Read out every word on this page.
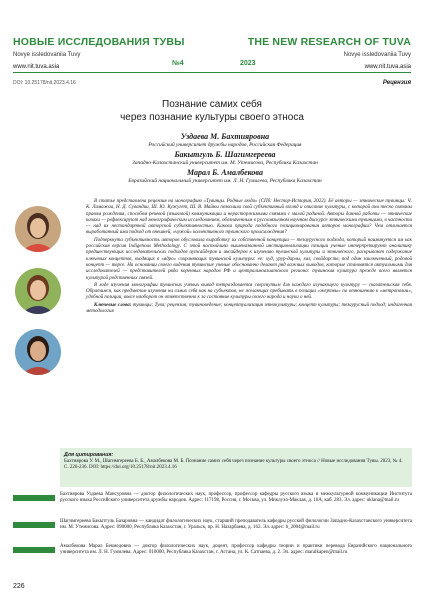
НОВЫЕ ИССЛЕДОВАНИЯ ТУВЫ	THE NEW RESEARCH OF TUVA
Novye issledovaniia Tuvy	Novye issledovaniia Tuvy
www.nit.tuva.asia	www.nit.tuva.asia
№4	2023
DOI: 10.25178/nit.2023.4.16	Рецензия
Познание самих себя
через познание культуры своего этноса
Уздаева М. Бахтияровна
Российский университет дружбы народов, Российская Федерация
Бакытгуль Б. Шагимгереева
Западно-Казахстанский университет им. М. Утемисова, Республика Казахстан
Марал Б. Амалбекова
Евразийский национальный университет им. Л. Н. Гумилева, Республика Казахстан

В статье представлена рецензия на монографию «Тувинцы. Родные люди» (СПб: Нестор-История, 2022). Её авторы — этнические тувинцы: Ч. К. Ламажаа, Н. Д. Сувандии, Ш. Ю. Кужугет, Ш. В. Майны позволили свой субъективный взгляд и описание культуры, с которой они тесно связаны правом рождения, способом речевой (языковой) коммуникации и нерасторжимыми связями с малой родиной. Авторы данной работы — этнические казахи — рефлексируют над монографическим исследованием, обозначенным в русскоязычном научном дискурсе этническими тувинцами, в частности — над их нестандартной авторской субъективностью. Какова природа подобного позиционирования авторов монографии? Чем отличается выработанный ими подход от внешней, «чужой» коллективного тувинского происхождения?

Подчеркнута субъективность авторов обусловила выработку их собственной концепции — тезаурусного подхода, который наиминуется им как российская версия Indigenous Methodology. С этой настойчиво вышеназванной инстиционализации позиции ученые интерпретируют аналитику предшествующих исследовательских подходов аутсайдеров и инсайдеров к изучению тувинской культуры и этнического, раскрывают содержание ключевых концептов, входящих в «ядро» сохраняющих тувинской культуры: ее: худ, урур-дарлы, хиз, свойдарств, под один заключенный, родовой концепт — тврсе. На основании своего видения тувинские ученые обоснованно делают ряд важных выводов, которые становятся актуальными для исследователей — представителей ряда коренных народов РФ и центральноазиатского региона: тувинская культура прежде всего является культурой родственных связей.

В ходе изучения монографии тувинских ученых вывод тетраэдовается свергнутым для каждого изучающего культуру — сказательская себя. Обратимся, как предметом изучения на самих себя как на субъектов, не желающих пребывать в позиции «жертвы» по отношению к «метрополии», удобной позиции, вовсе наоборот он ответственно к за состояние культуры своего народа и науки о ней.

Ключевые слова: тувинцы; Тува; рецензия; тувиноведение; концептуализация этнокультуры; концепт культуры; тезаурусный подход; индигенная методология

Для цитирования:
Бахтиярова У. М., Шагимгереева Б. Б., Амалбекова М. Б. Познание самих себя через познание культуры своего этноса // Новые исследования Тувы. 2023, № 4. С. 226-236. DOI: https://doi.org/10.25178/nit.2023.4.16
Бахтиярова Уздаева Мансуровна — доктор филологических наук, профессор, профессор кафедры русского языка и межкультурной коммуникации Института русского языка Российского университета дружбы народов. Адрес: 117198, Россия, г. Москва, ул. Миклухо-Маклая, д. 10А, каб. 283. Эл. адрес: uklana@mail.ru
Шагимгереева Бакытгуль Базаровна — кандидат филологических наук, старший преподаватель кафедры русской филологии Западно-Казахстанского университета им. М. Утемисова. Адрес: 090000, Республика Казахстан, г. Уральск, пр. Н. Назарбаева, д. 162. Эл. адрес: b_2004@mail.ru
Амалбекова Марал Бекмедовна — доктор филологических наук, доцент, профессор кафедры теории и практики перевода Евразийского национального университета им. Л. Н. Гумилева. Адрес: 010000, Республика Казахстан, г. Астана, ул. К. Сатпаева, д. 2. Эл. адрес: maralkapen@mail.ru
226
